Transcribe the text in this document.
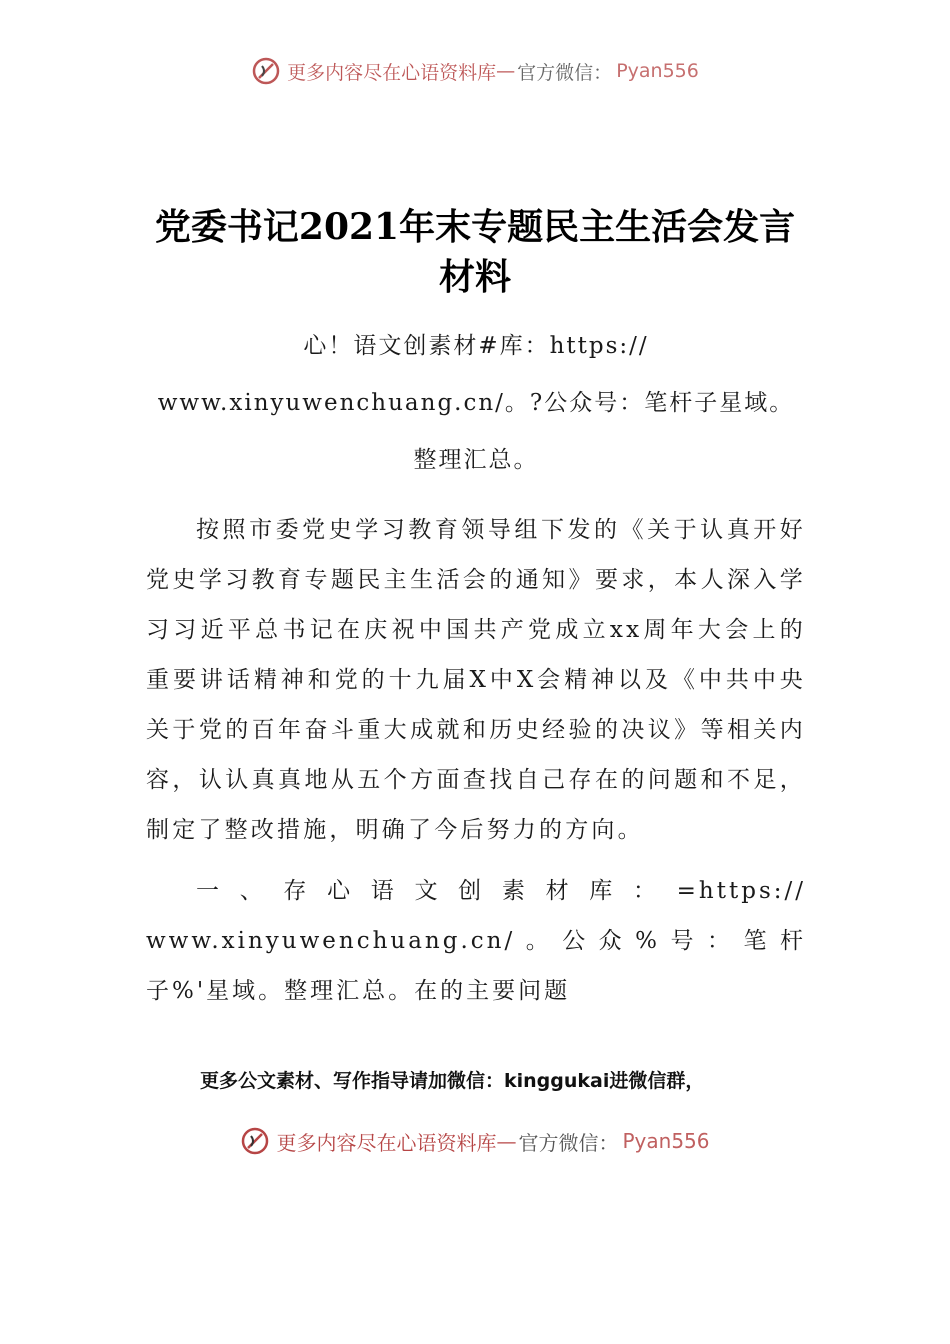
更多内容尽在心语资料库 — 官方微信： Pyan556
党委书记2021年末专题民主生活会发言材料
心！语文创素材#库：https:// www.xinyuwenchuang.cn/。?公众号：笔杆子星域。整理汇总。
按照市委党史学习教育领导组下发的《关于认真开好党史学习教育专题民主生活会的通知》要求，本人深入学习习近平总书记在庆祝中国共产党成立xx周年大会上的重要讲话精神和党的十九届X中X会精神以及《中共中央关于党的百年奋斗重大成就和历史经验的决议》等相关内容，认认真真地从五个方面查找自己存在的问题和不足，制定了整改措施，明确了今后努力的方向。
一、存心语文创素材库：=https:// www.xinyuwenchuang.cn/。公众%号：笔杆子%'星域。整理汇总。在的主要问题
更多公文素材、写作指导请加微信：kinggukai进微信群，
更多内容尽在心语资料库 — 官方微信： Pyan556
